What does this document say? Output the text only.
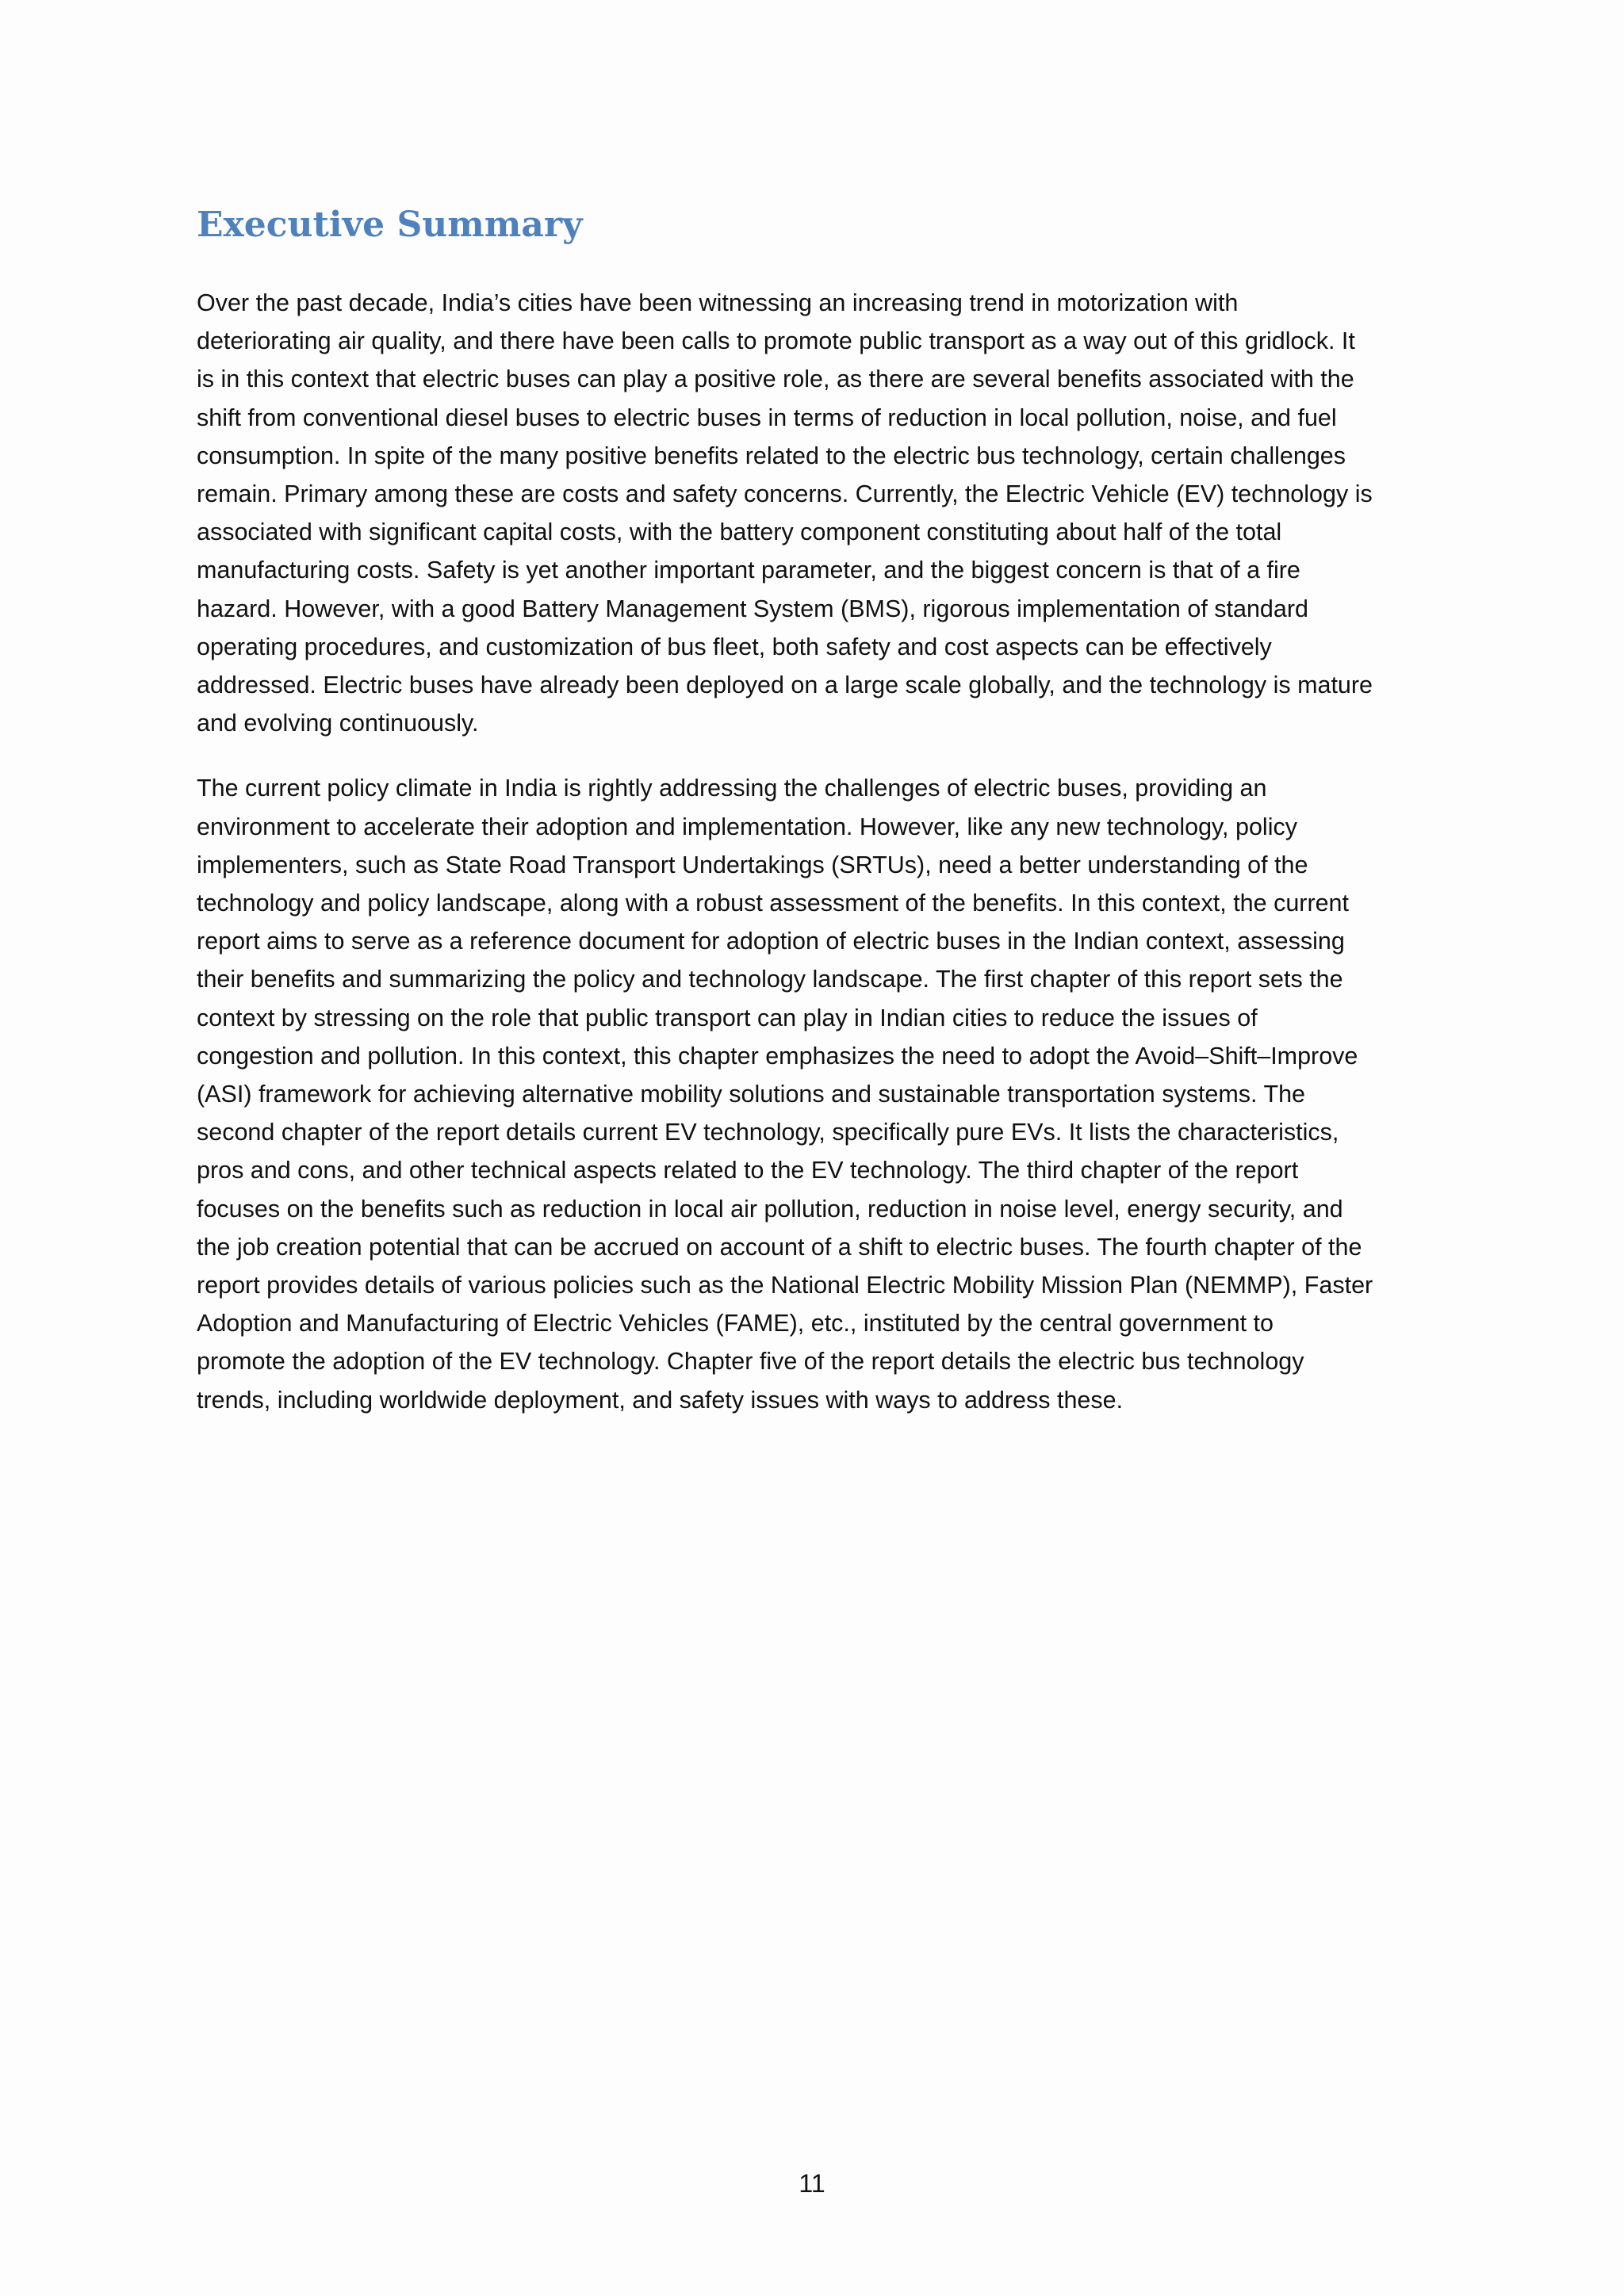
Executive Summary

Over the past decade, India’s cities have been witnessing an increasing trend in motorization with
deteriorating air quality, and there have been calls to promote public transport as a way out of this gridlock. It
is in this context that electric buses can play a positive role, as there are several benefits associated with the
shift from conventional diesel buses to electric buses in terms of reduction in local pollution, noise, and fuel
consumption. In spite of the many positive benefits related to the electric bus technology, certain challenges
remain. Primary among these are costs and safety concerns. Currently, the Electric Vehicle (EV) technology is
associated with significant capital costs, with the battery component constituting about half of the total
manufacturing costs. Safety is yet another important parameter, and the biggest concern is that of a fire
hazard. However, with a good Battery Management System (BMS), rigorous implementation of standard
operating procedures, and customization of bus fleet, both safety and cost aspects can be effectively
addressed. Electric buses have already been deployed on a large scale globally, and the technology is mature
and evolving continuously.

The current policy climate in India is rightly addressing the challenges of electric buses, providing an
environment to accelerate their adoption and implementation. However, like any new technology, policy
implementers, such as State Road Transport Undertakings (SRTUs), need a better understanding of the
technology and policy landscape, along with a robust assessment of the benefits. In this context, the current
report aims to serve as a reference document for adoption of electric buses in the Indian context, assessing
their benefits and summarizing the policy and technology landscape. The first chapter of this report sets the
context by stressing on the role that public transport can play in Indian cities to reduce the issues of
congestion and pollution. In this context, this chapter emphasizes the need to adopt the Avoid–Shift–Improve
(ASI) framework for achieving alternative mobility solutions and sustainable transportation systems. The
second chapter of the report details current EV technology, specifically pure EVs. It lists the characteristics,
pros and cons, and other technical aspects related to the EV technology. The third chapter of the report
focuses on the benefits such as reduction in local air pollution, reduction in noise level, energy security, and
the job creation potential that can be accrued on account of a shift to electric buses. The fourth chapter of the
report provides details of various policies such as the National Electric Mobility Mission Plan (NEMMP), Faster
Adoption and Manufacturing of Electric Vehicles (FAME), etc., instituted by the central government to
promote the adoption of the EV technology. Chapter five of the report details the electric bus technology
trends, including worldwide deployment, and safety issues with ways to address these.

11
